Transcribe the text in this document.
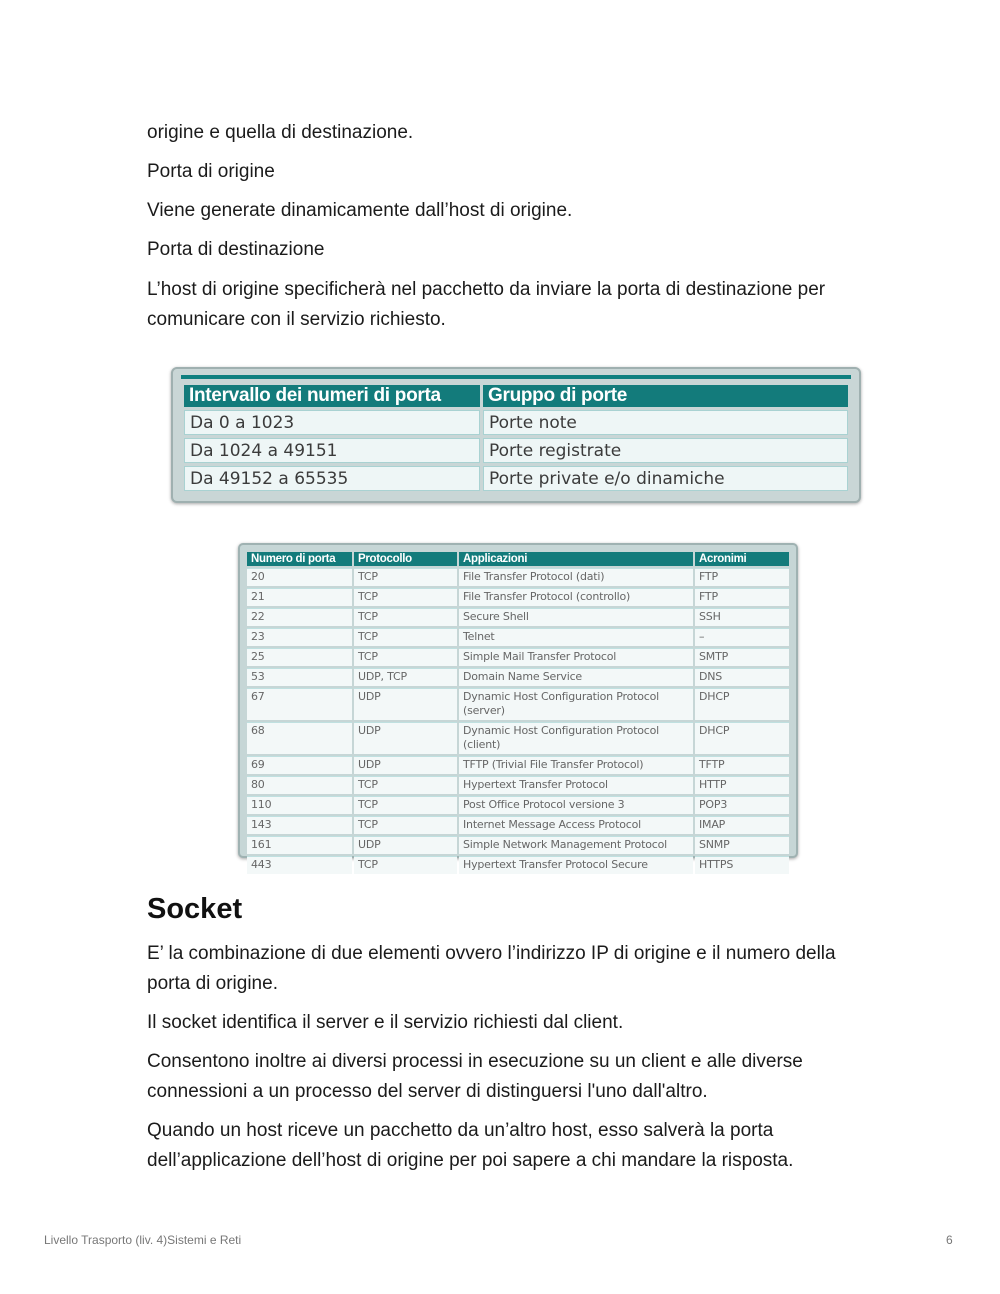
origine e quella di destinazione.

Porta di origine

Viene generate dinamicamente dall’host di origine.

Porta di destinazione

L’host di origine specificherà nel pacchetto da inviare la porta di destinazione per comunicare con il servizio richiesto.

Intervallo dei numeri di porta	Gruppo di porte
Da 0 a 1023	Porte note
Da 1024 a 49151	Porte registrate
Da 49152 a 65535	Porte private e/o dinamiche
Numero di porta	Protocollo	Applicazioni	Acronimi
20	TCP	File Transfer Protocol (dati)	FTP
21	TCP	File Transfer Protocol (controllo)	FTP
22	TCP	Secure Shell	SSH
23	TCP	Telnet	–
25	TCP	Simple Mail Transfer Protocol	SMTP
53	UDP, TCP	Domain Name Service	DNS
67	UDP	Dynamic Host Configuration Protocol (server)	DHCP
68	UDP	Dynamic Host Configuration Protocol (client)	DHCP
69	UDP	TFTP (Trivial File Transfer Protocol)	TFTP
80	TCP	Hypertext Transfer Protocol	HTTP
110	TCP	Post Office Protocol versione 3	POP3
143	TCP	Internet Message Access Protocol	IMAP
161	UDP	Simple Network Management Protocol	SNMP
443	TCP	Hypertext Transfer Protocol Secure	HTTPS
Socket

E’ la combinazione di due elementi ovvero l’indirizzo IP di origine e il numero della porta di origine.

Il socket identifica il server e il servizio richiesti dal client.

Consentono inoltre ai diversi processi in esecuzione su un client e alle diverse connessioni a un processo del server di distinguersi l'uno dall'altro.

Quando un host riceve un pacchetto da un’altro host, esso salverà la porta dell’applicazione dell’host di origine per poi sapere a chi mandare la risposta.

Livello Trasporto (liv. 4)Sistemi e Reti	6
